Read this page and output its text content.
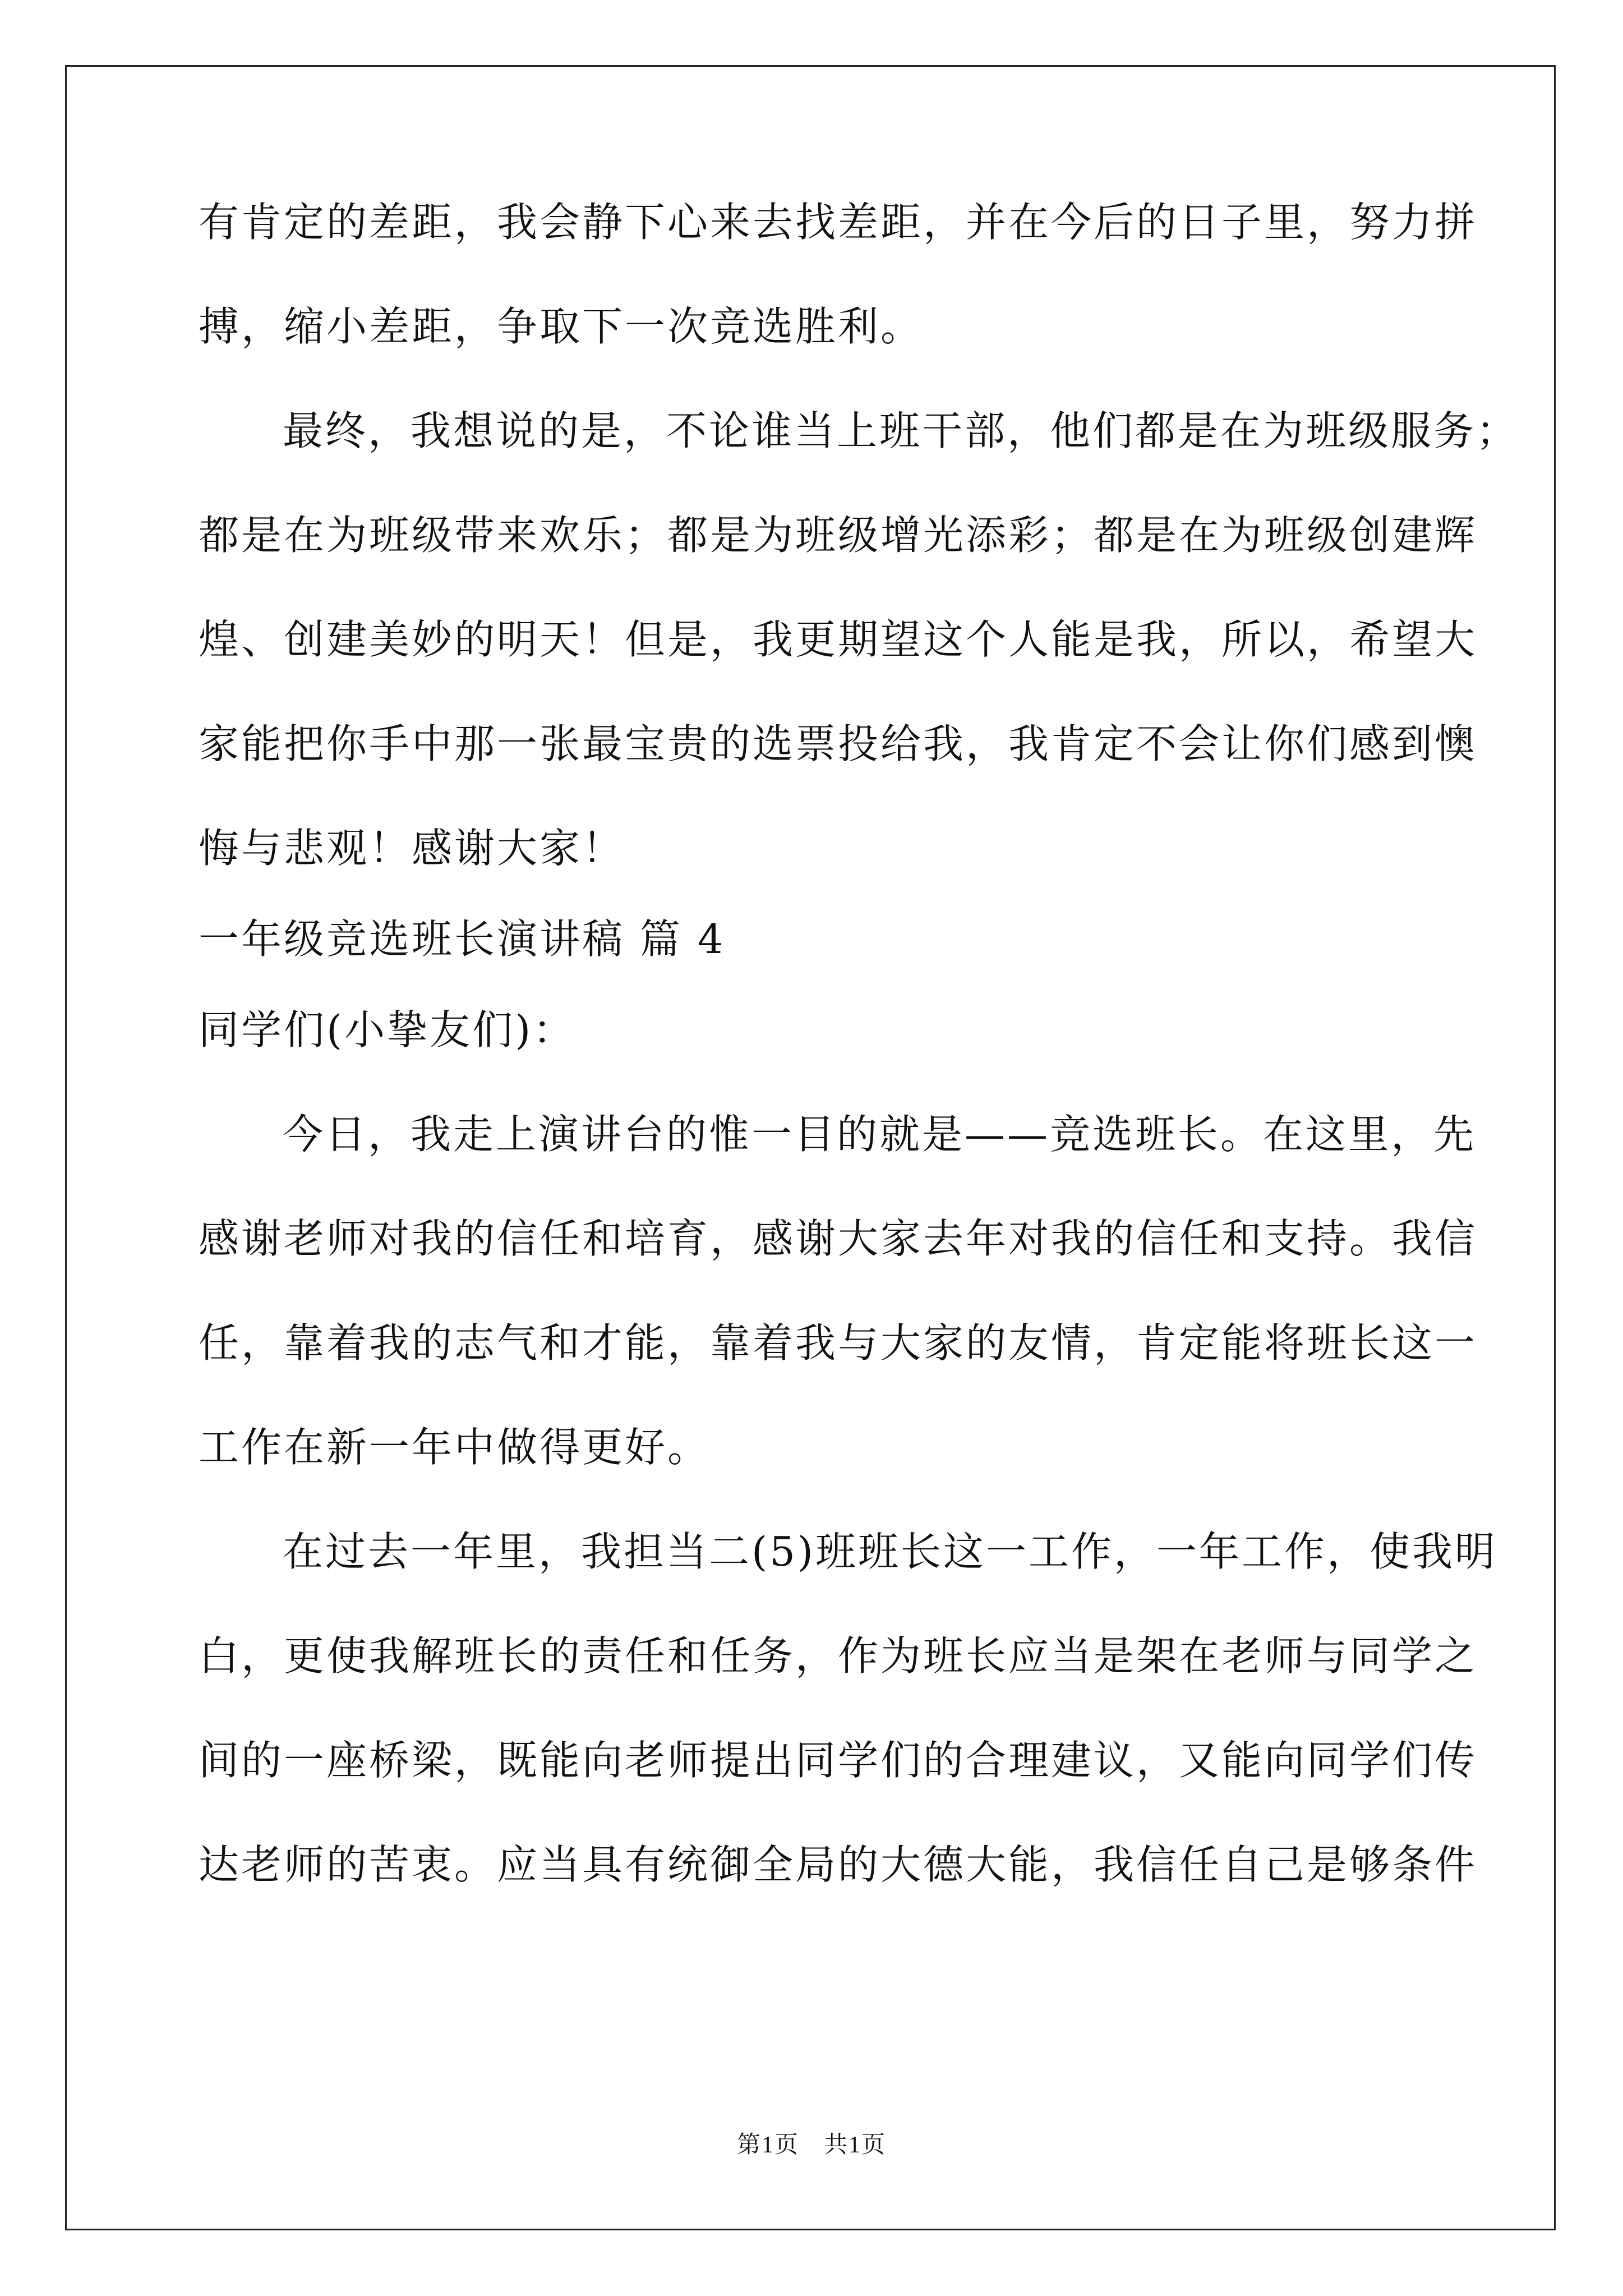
有肯定的差距，我会静下心来去找差距，并在今后的日子里，努力拼
搏，缩小差距，争取下一次竞选胜利。
最终，我想说的是，不论谁当上班干部，他们都是在为班级服务；
都是在为班级带来欢乐；都是为班级增光添彩；都是在为班级创建辉
煌、创建美妙的明天！但是，我更期望这个人能是我，所以，希望大
家能把你手中那一张最宝贵的选票投给我，我肯定不会让你们感到懊
悔与悲观！感谢大家！
一年级竞选班长演讲稿 篇 4
同学们(小挚友们)：
今日，我走上演讲台的惟一目的就是——竞选班长。在这里，先
感谢老师对我的信任和培育，感谢大家去年对我的信任和支持。我信
任，靠着我的志气和才能，靠着我与大家的友情，肯定能将班长这一
工作在新一年中做得更好。
在过去一年里，我担当二(5)班班长这一工作，一年工作，使我明
白，更使我解班长的责任和任务，作为班长应当是架在老师与同学之
间的一座桥梁，既能向老师提出同学们的合理建议，又能向同学们传
达老师的苦衷。应当具有统御全局的大德大能，我信任自己是够条件
第1页　共1页
